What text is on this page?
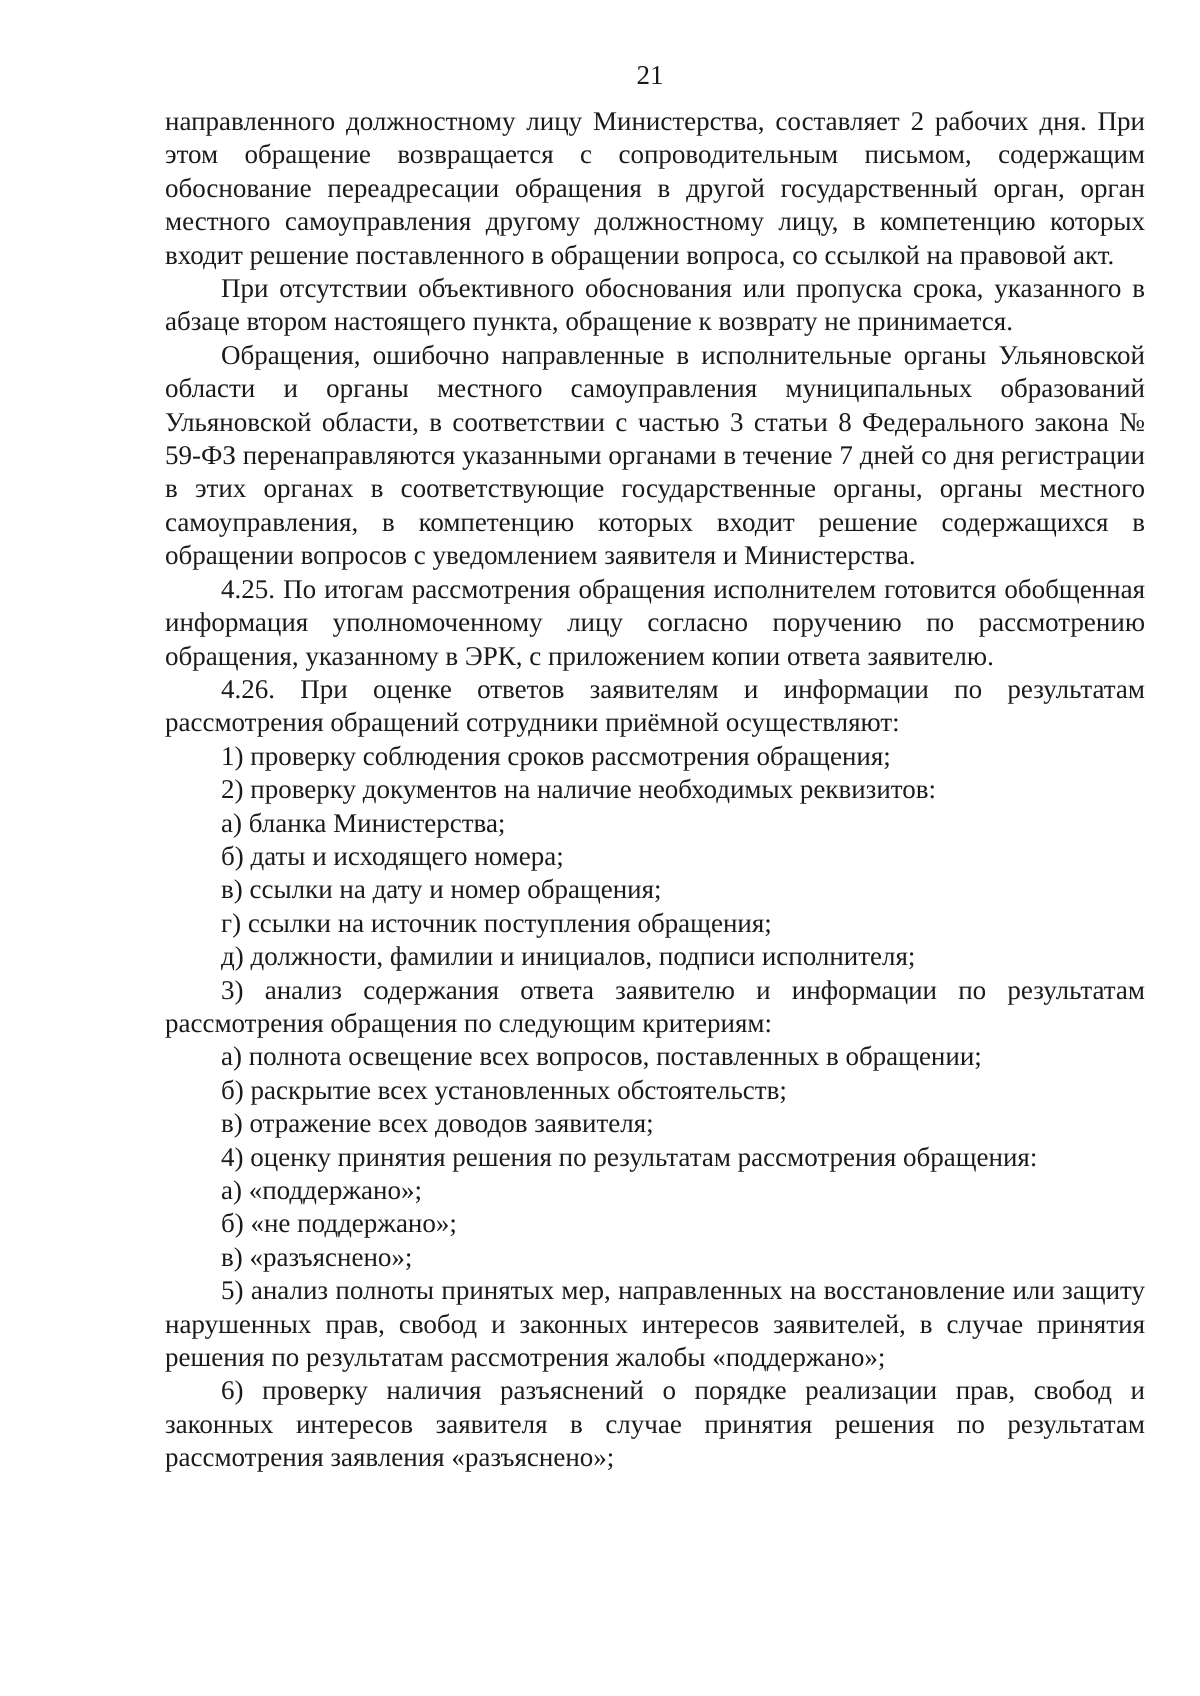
21

направленного должностному лицу Министерства, составляет 2 рабочих дня. При этом обращение возвращается с сопроводительным письмом, содержащим обоснование переадресации обращения в другой государственный орган, орган местного самоуправления другому должностному лицу, в компетенцию которых входит решение поставленного в обращении вопроса, со ссылкой на правовой акт.

При отсутствии объективного обоснования или пропуска срока, указанного в абзаце втором настоящего пункта, обращение к возврату не принимается.

Обращения, ошибочно направленные в исполнительные органы Ульяновской области и органы местного самоуправления муниципальных образований Ульяновской области, в соответствии с частью 3 статьи 8 Федерального закона № 59-ФЗ перенаправляются указанными органами в течение 7 дней со дня регистрации в этих органах в соответствующие государственные органы, органы местного самоуправления, в компетенцию которых входит решение содержащихся в обращении вопросов с уведомлением заявителя и Министерства.

4.25. По итогам рассмотрения обращения исполнителем готовится обобщенная информация уполномоченному лицу согласно поручению по рассмотрению обращения, указанному в ЭРК, с приложением копии ответа заявителю.

4.26. При оценке ответов заявителям и информации по результатам рассмотрения обращений сотрудники приёмной осуществляют:

1) проверку соблюдения сроков рассмотрения обращения;

2) проверку документов на наличие необходимых реквизитов:

а) бланка Министерства;

б) даты и исходящего номера;

в) ссылки на дату и номер обращения;

г) ссылки на источник поступления обращения;

д) должности, фамилии и инициалов, подписи исполнителя;

3) анализ содержания ответа заявителю и информации по результатам рассмотрения обращения по следующим критериям:

а) полнота освещение всех вопросов, поставленных в обращении;

б) раскрытие всех установленных обстоятельств;

в) отражение всех доводов заявителя;

4) оценку принятия решения по результатам рассмотрения обращения:

а) «поддержано»;

б) «не поддержано»;

в) «разъяснено»;

5) анализ полноты принятых мер, направленных на восстановление или защиту нарушенных прав, свобод и законных интересов заявителей, в случае принятия решения по результатам рассмотрения жалобы «поддержано»;

6) проверку наличия разъяснений о порядке реализации прав, свобод и законных интересов заявителя в случае принятия решения по результатам рассмотрения заявления «разъяснено»;
